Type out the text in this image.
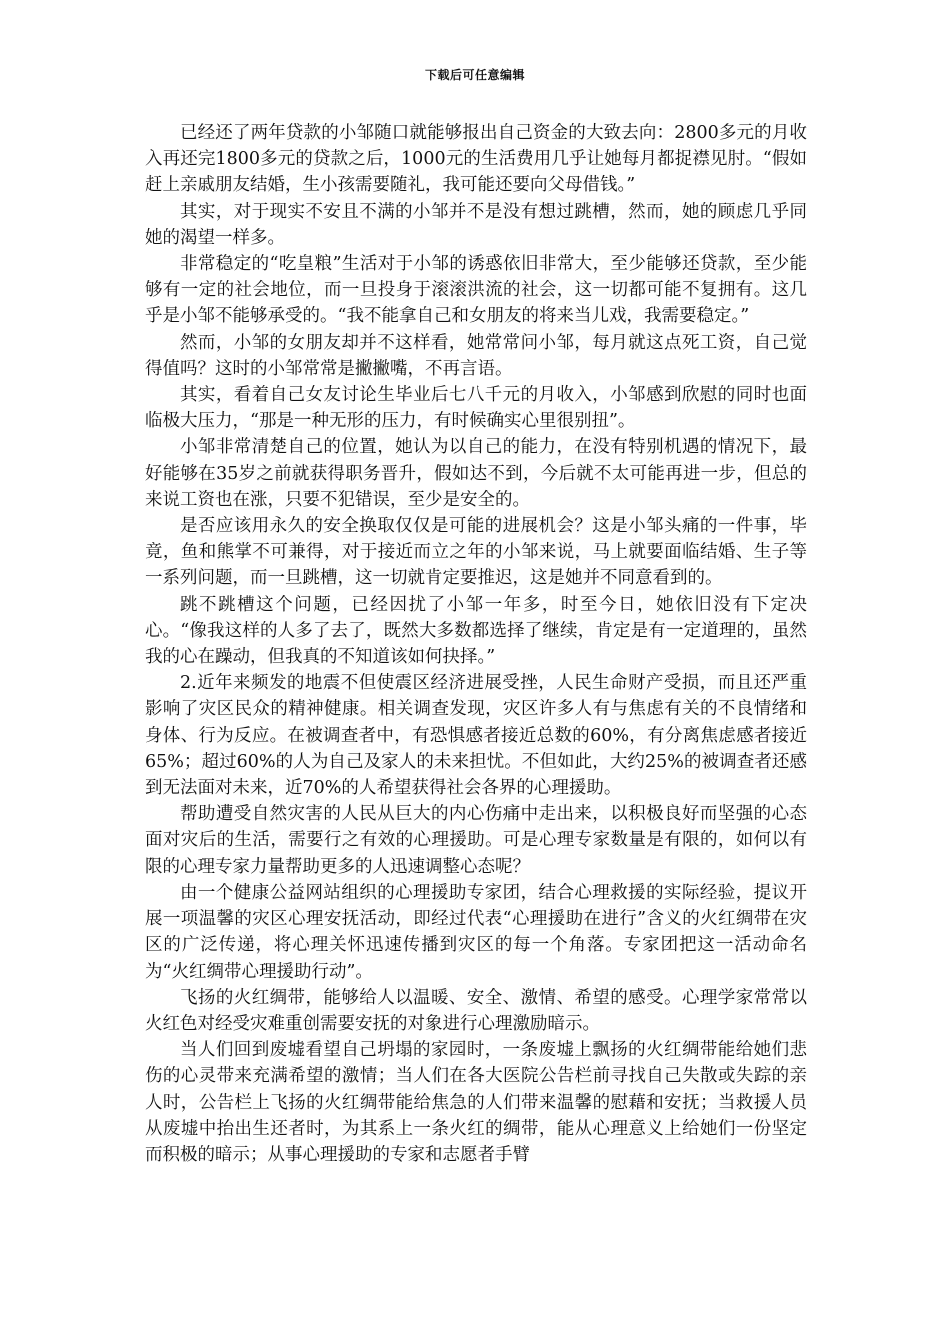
下载后可任意编辑

已经还了两年贷款的小邹随口就能够报出自己资金的大致去向：2800多元的月收入再还完1800多元的贷款之后，1000元的生活费用几乎让她每月都捉襟见肘。“假如赶上亲戚朋友结婚，生小孩需要随礼，我可能还要向父母借钱。”

其实，对于现实不安且不满的小邹并不是没有想过跳槽，然而，她的顾虑几乎同她的渴望一样多。

非常稳定的“吃皇粮”生活对于小邹的诱惑依旧非常大，至少能够还贷款，至少能够有一定的社会地位，而一旦投身于滚滚洪流的社会，这一切都可能不复拥有。这几乎是小邹不能够承受的。“我不能拿自己和女朋友的将来当儿戏，我需要稳定。”

然而，小邹的女朋友却并不这样看，她常常问小邹，每月就这点死工资，自己觉得值吗？这时的小邹常常是撇撇嘴，不再言语。

其实，看着自己女友讨论生毕业后七八千元的月收入，小邹感到欣慰的同时也面临极大压力，“那是一种无形的压力，有时候确实心里很别扭”。

小邹非常清楚自己的位置，她认为以自己的能力，在没有特别机遇的情况下，最好能够在35岁之前就获得职务晋升，假如达不到，今后就不太可能再进一步，但总的来说工资也在涨，只要不犯错误，至少是安全的。

是否应该用永久的安全换取仅仅是可能的进展机会？这是小邹头痛的一件事，毕竟，鱼和熊掌不可兼得，对于接近而立之年的小邹来说，马上就要面临结婚、生子等一系列问题，而一旦跳槽，这一切就肯定要推迟，这是她并不同意看到的。

跳不跳槽这个问题，已经因扰了小邹一年多，时至今日，她依旧没有下定决心。“像我这样的人多了去了，既然大多数都选择了继续，肯定是有一定道理的，虽然我的心在躁动，但我真的不知道该如何抉择。”

2.近年来频发的地震不但使震区经济进展受挫，人民生命财产受损，而且还严重影响了灾区民众的精神健康。相关调查发现，灾区许多人有与焦虑有关的不良情绪和身体、行为反应。在被调查者中，有恐惧感者接近总数的60%，有分离焦虑感者接近65%；超过60%的人为自己及家人的未来担忧。不但如此，大约25%的被调查者还感到无法面对未来，近70%的人希望获得社会各界的心理援助。

帮助遭受自然灾害的人民从巨大的内心伤痛中走出来，以积极良好而坚强的心态面对灾后的生活，需要行之有效的心理援助。可是心理专家数量是有限的，如何以有限的心理专家力量帮助更多的人迅速调整心态呢？

由一个健康公益网站组织的心理援助专家团，结合心理救援的实际经验，提议开展一项温馨的灾区心理安抚活动，即经过代表“心理援助在进行”含义的火红绸带在灾区的广泛传递，将心理关怀迅速传播到灾区的每一个角落。专家团把这一活动命名为“火红绸带心理援助行动”。

飞扬的火红绸带，能够给人以温暖、安全、激情、希望的感受。心理学家常常以火红色对经受灾难重创需要安抚的对象进行心理激励暗示。

当人们回到废墟看望自己坍塌的家园时，一条废墟上飘扬的火红绸带能给她们悲伤的心灵带来充满希望的激情；当人们在各大医院公告栏前寻找自己失散或失踪的亲人时，公告栏上飞扬的火红绸带能给焦急的人们带来温馨的慰藉和安抚；当救援人员从废墟中抬出生还者时，为其系上一条火红的绸带，能从心理意义上给她们一份坚定而积极的暗示；从事心理援助的专家和志愿者手臂
